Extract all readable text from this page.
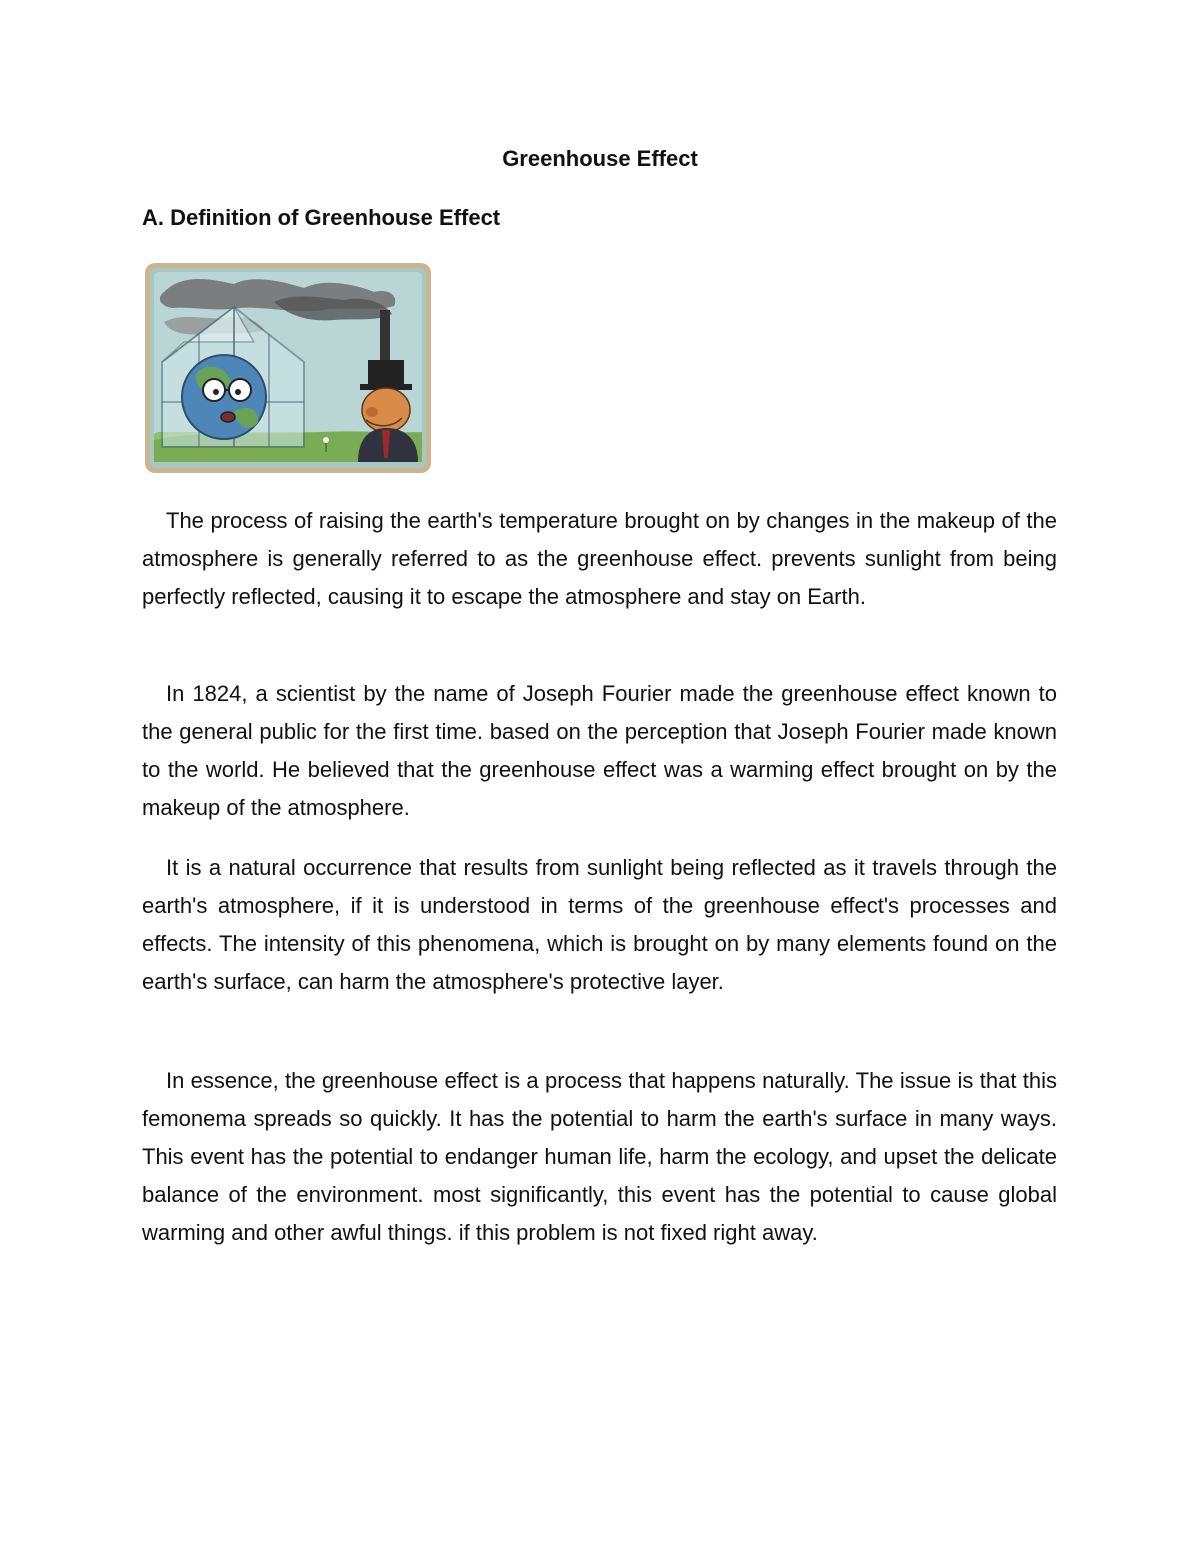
Greenhouse Effect
A. Definition of Greenhouse Effect

The process of raising the earth's temperature brought on by changes in the makeup of the atmosphere is generally referred to as the greenhouse effect. prevents sunlight from being perfectly reflected, causing it to escape the atmosphere and stay on Earth.

In 1824, a scientist by the name of Joseph Fourier made the greenhouse effect known to the general public for the first time. based on the perception that Joseph Fourier made known to the world. He believed that the greenhouse effect was a warming effect brought on by the makeup of the atmosphere.

It is a natural occurrence that results from sunlight being reflected as it travels through the earth's atmosphere, if it is understood in terms of the greenhouse effect's processes and effects. The intensity of this phenomena, which is brought on by many elements found on the earth's surface, can harm the atmosphere's protective layer.

In essence, the greenhouse effect is a process that happens naturally. The issue is that this femonema spreads so quickly. It has the potential to harm the earth's surface in many ways. This event has the potential to endanger human life, harm the ecology, and upset the delicate balance of the environment. most significantly, this event has the potential to cause global warming and other awful things. if this problem is not fixed right away.
